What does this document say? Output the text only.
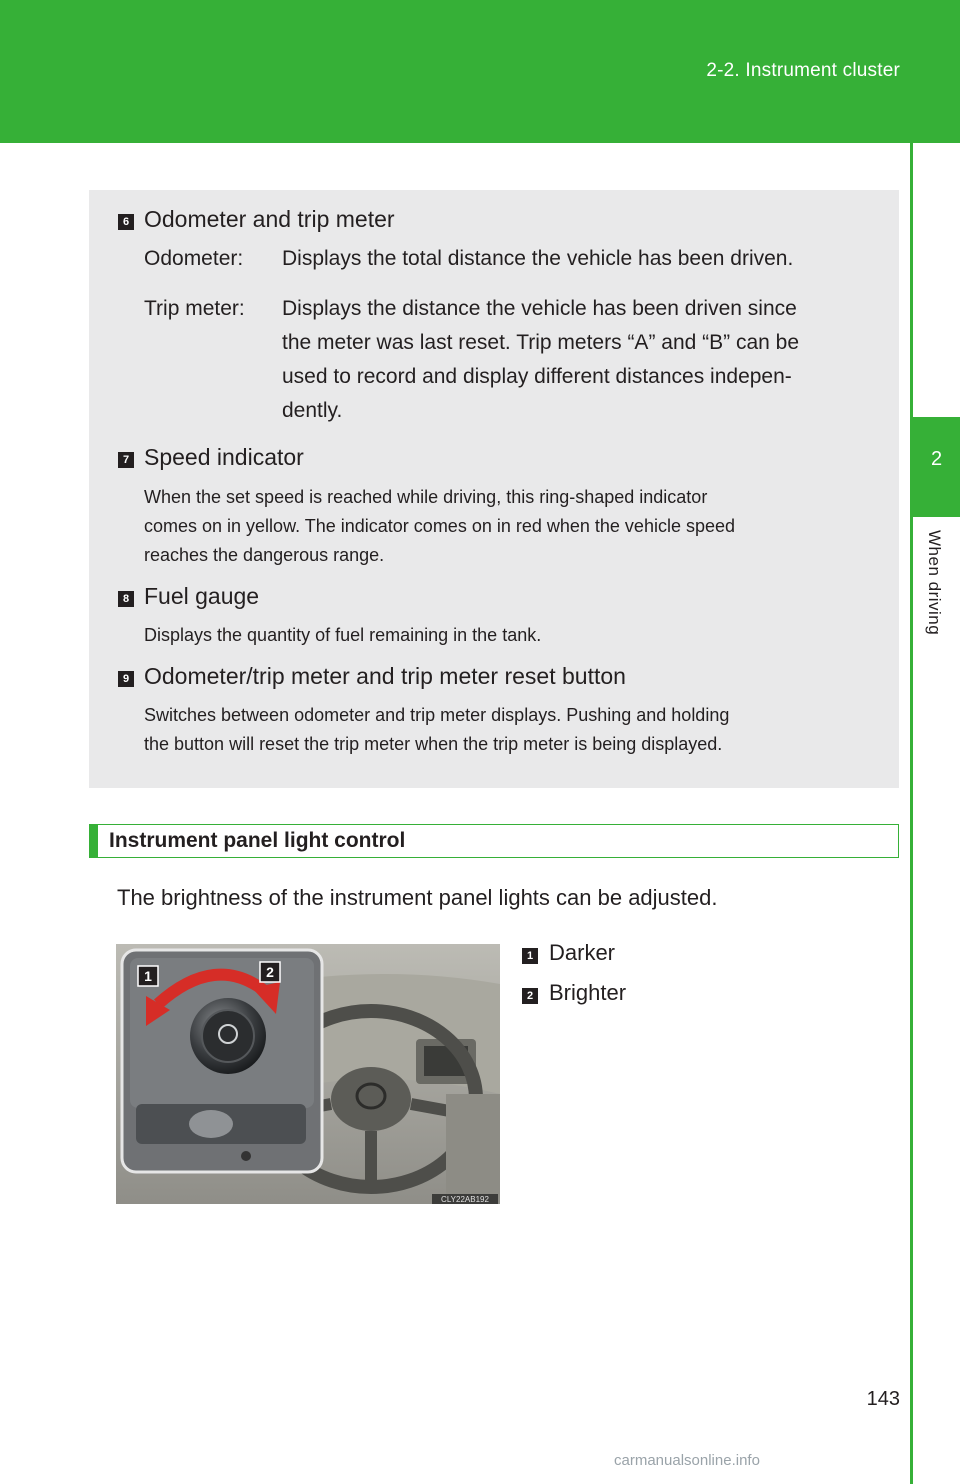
2-2. Instrument cluster
2
When driving
6 Odometer and trip meter
Odometer: Displays the total distance the vehicle has been driven.
Trip meter: Displays the distance the vehicle has been driven since
the meter was last reset. Trip meters “A” and “B” can be
used to record and display different distances indepen-
dently.
7 Speed indicator
When the set speed is reached while driving, this ring-shaped indicator
comes on in yellow. The indicator comes on in red when the vehicle speed
reaches the dangerous range.
8 Fuel gauge
Displays the quantity of fuel remaining in the tank.
9 Odometer/trip meter and trip meter reset button
Switches between odometer and trip meter displays. Pushing and holding
the button will reset the trip meter when the trip meter is being displayed.
Instrument panel light control
The brightness of the instrument panel lights can be adjusted.
1	2
CLY22AB192
1 Darker
2 Brighter
143
carmanualsonline.info
